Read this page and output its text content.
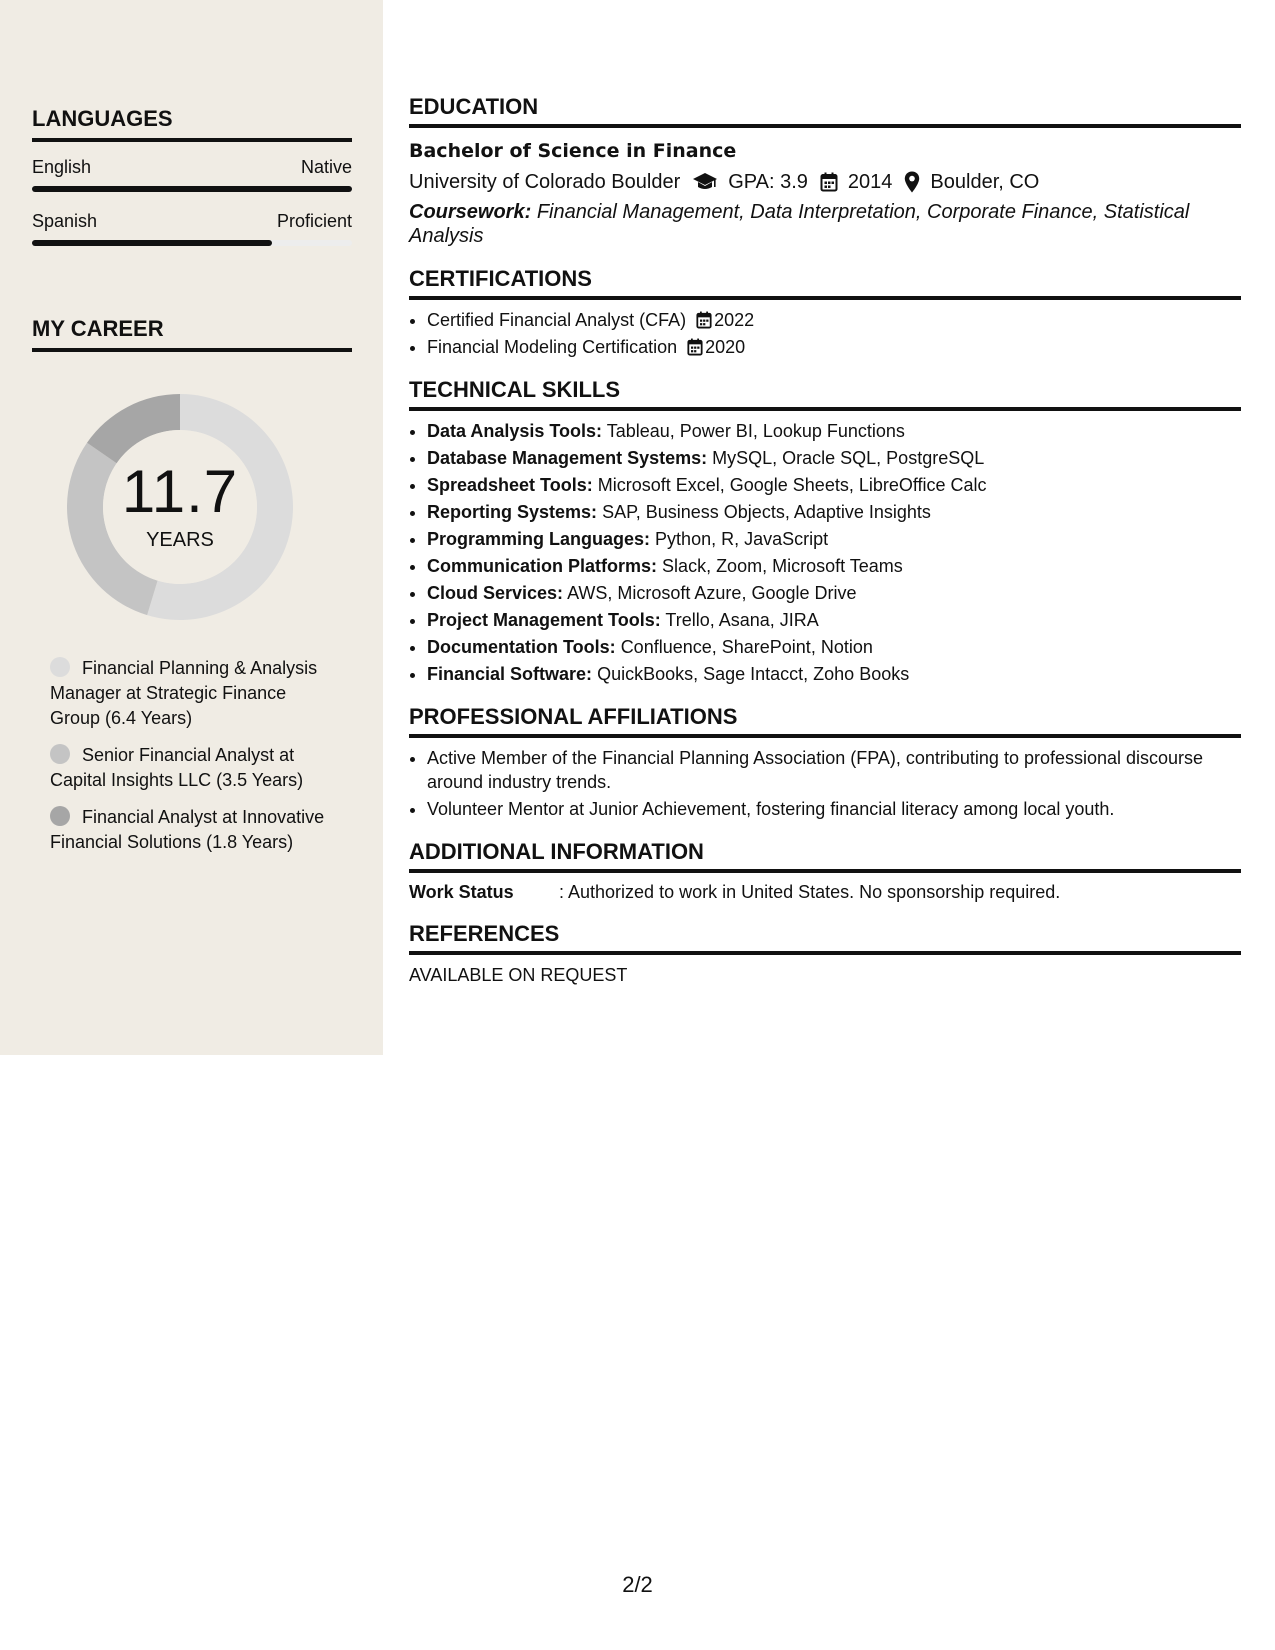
LANGUAGES
English	Native
Spanish	Proficient
MY CAREER
11.7
YEARS
Financial Planning & Analysis Manager at Strategic Finance Group (6.4 Years)
Senior Financial Analyst at Capital Insights LLC (3.5 Years)
Financial Analyst at Innovative Financial Solutions (1.8 Years)
EDUCATION
Bachelor of Science in Finance
University of Colorado Boulder GPA: 3.9 2014 Boulder, CO
Coursework: Financial Management, Data Interpretation, Corporate Finance, Statistical Analysis
CERTIFICATIONS
• Certified Financial Analyst (CFA) 2022
• Financial Modeling Certification 2020
TECHNICAL SKILLS
• Data Analysis Tools: Tableau, Power BI, Lookup Functions
• Database Management Systems: MySQL, Oracle SQL, PostgreSQL
• Spreadsheet Tools: Microsoft Excel, Google Sheets, LibreOffice Calc
• Reporting Systems: SAP, Business Objects, Adaptive Insights
• Programming Languages: Python, R, JavaScript
• Communication Platforms: Slack, Zoom, Microsoft Teams
• Cloud Services: AWS, Microsoft Azure, Google Drive
• Project Management Tools: Trello, Asana, JIRA
• Documentation Tools: Confluence, SharePoint, Notion
• Financial Software: QuickBooks, Sage Intacct, Zoho Books
PROFESSIONAL AFFILIATIONS
• Active Member of the Financial Planning Association (FPA), contributing to professional discourse around industry trends.
• Volunteer Mentor at Junior Achievement, fostering financial literacy among local youth.
ADDITIONAL INFORMATION
Work Status	: Authorized to work in United States. No sponsorship required.
REFERENCES
AVAILABLE ON REQUEST
2/2
